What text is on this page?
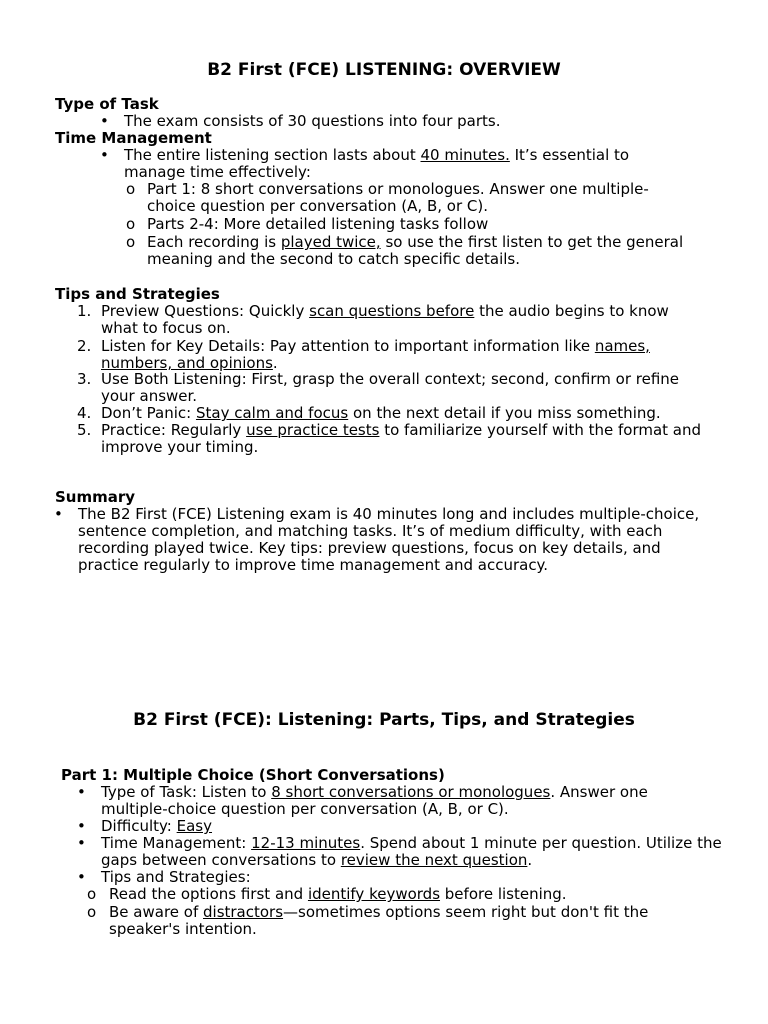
B2 First (FCE) LISTENING: OVERVIEW
Type of Task
• The exam consists of 30 questions into four parts.
Time Management
• The entire listening section lasts about 40 minutes. It’s essential to manage time effectively:
o Part 1: 8 short conversations or monologues. Answer one multiple-choice question per conversation (A, B, or C).
o Parts 2-4: More detailed listening tasks follow
o Each recording is played twice, so use the first listen to get the general meaning and the second to catch specific details.
Tips and Strategies
1. Preview Questions: Quickly scan questions before the audio begins to know what to focus on.
2. Listen for Key Details: Pay attention to important information like names, numbers, and opinions.
3. Use Both Listening: First, grasp the overall context; second, confirm or refine your answer.
4. Don’t Panic: Stay calm and focus on the next detail if you miss something.
5. Practice: Regularly use practice tests to familiarize yourself with the format and improve your timing.
Summary
• The B2 First (FCE) Listening exam is 40 minutes long and includes multiple-choice, sentence completion, and matching tasks. It’s of medium difficulty, with each recording played twice. Key tips: preview questions, focus on key details, and practice regularly to improve time management and accuracy.
B2 First (FCE): Listening: Parts, Tips, and Strategies
Part 1: Multiple Choice (Short Conversations)
• Type of Task: Listen to 8 short conversations or monologues. Answer one multiple-choice question per conversation (A, B, or C).
• Difficulty: Easy
• Time Management: 12-13 minutes. Spend about 1 minute per question. Utilize the gaps between conversations to review the next question.
• Tips and Strategies:
o Read the options first and identify keywords before listening.
o Be aware of distractors—sometimes options seem right but don't fit the speaker's intention.
